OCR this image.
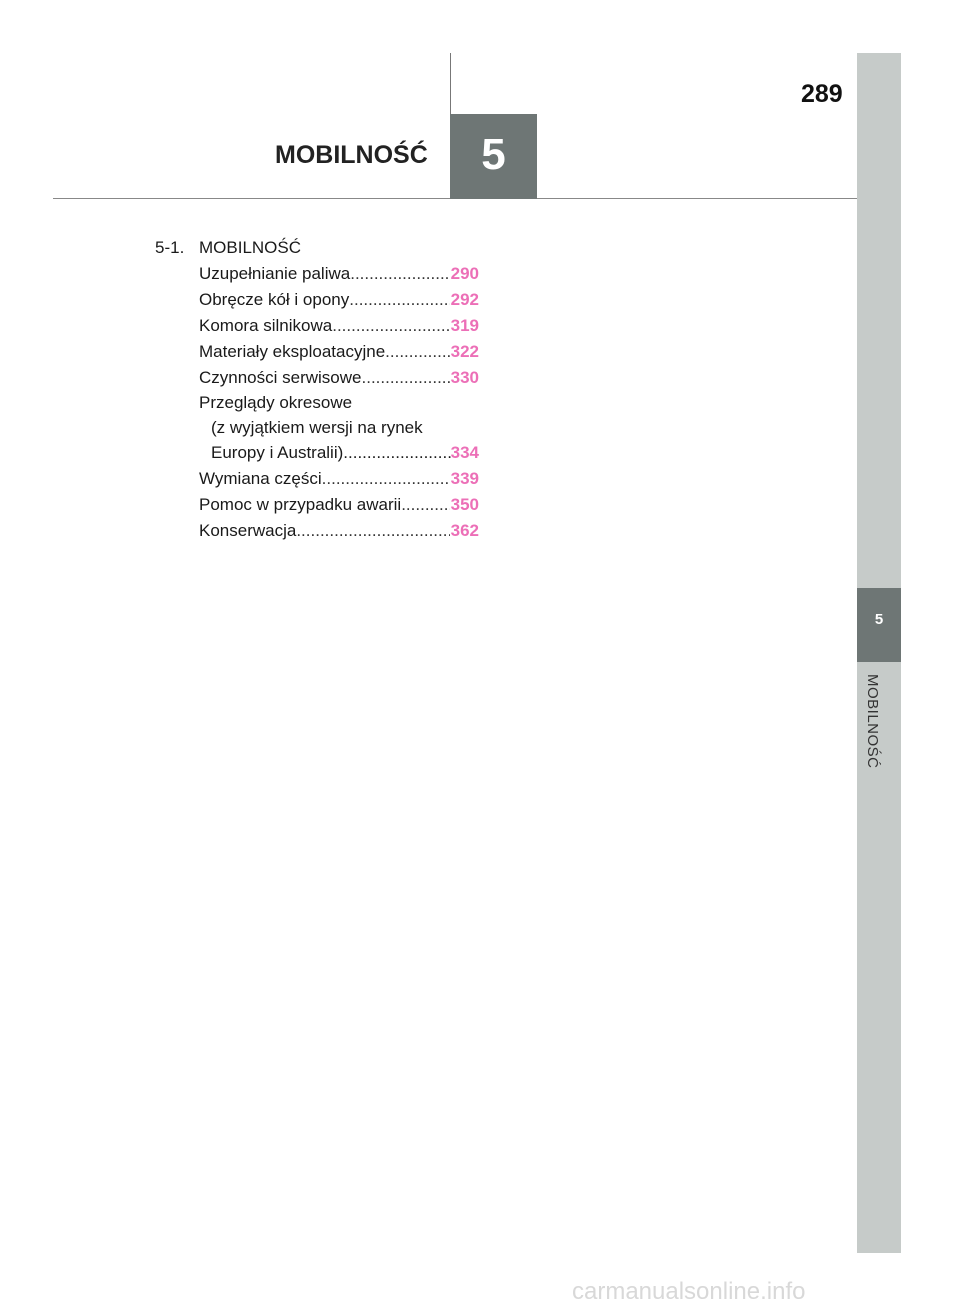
5
MOBILNOŚĆ
5
MOBILNOŚĆ
289
5-1. MOBILNOŚĆ
Uzupełnianie paliwa .....	290
Obręcze kół i opony .....	292
Komora silnikowa .....	319
Materiały eksploatacyjne .....	322
Czynności serwisowe .....	330
Przeglądy okresowe
(z wyjątkiem wersji na rynek
Europy i Australii) .....	334
Wymiana części .....	339
Pomoc w przypadku awarii .....	350
Konserwacja .....	362
carmanualsonline.info
